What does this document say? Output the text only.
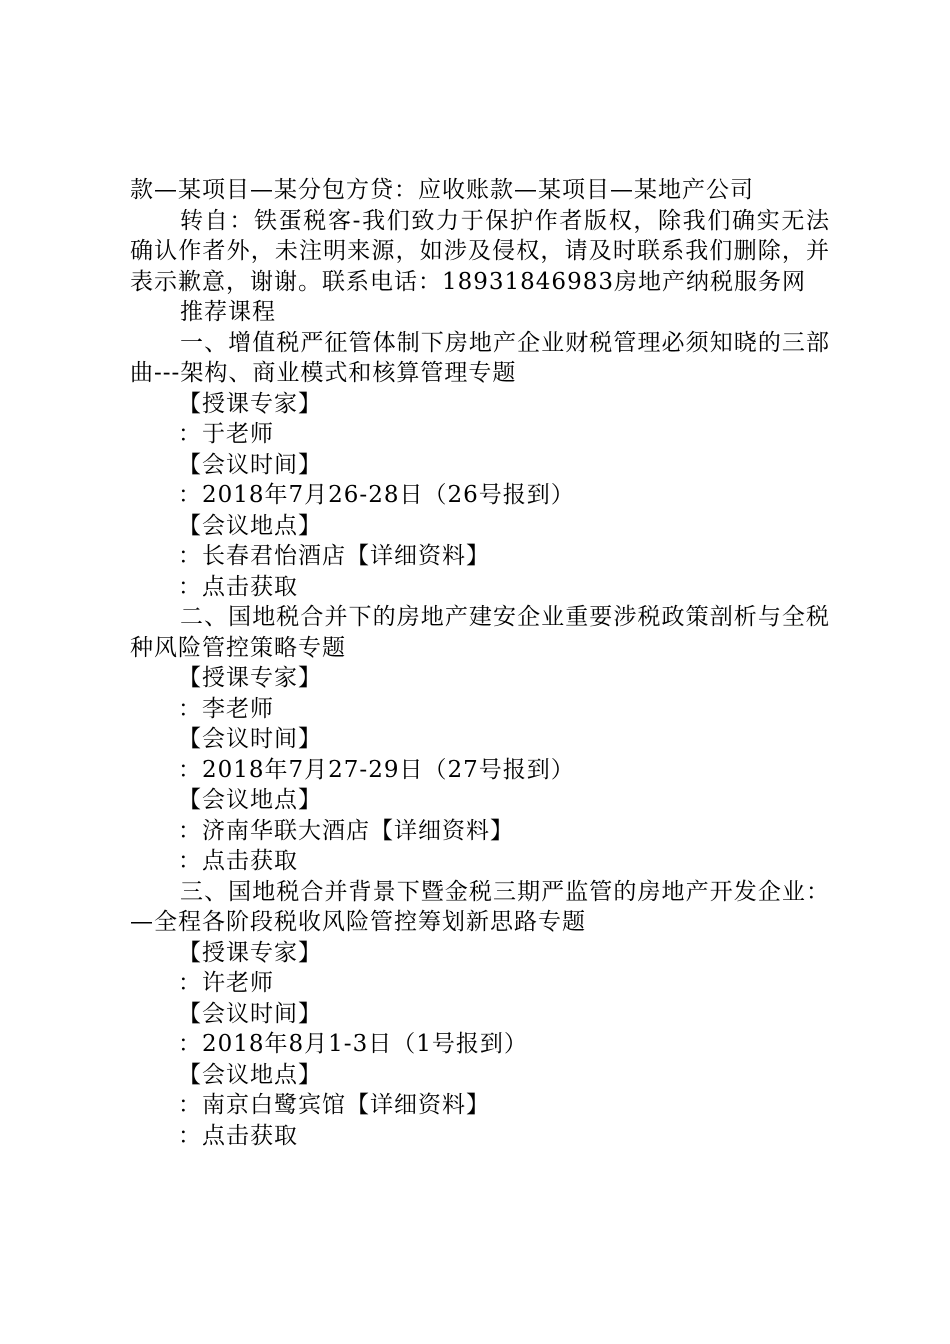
款—某项目—某分包方贷：应收账款—某项目—某地产公司

转自：铁蛋税客-我们致力于保护作者版权，除我们确实无法确认作者外，未注明来源，如涉及侵权，请及时联系我们删除，并表示歉意，谢谢。联系电话：18931846983房地产纳税服务网

推荐课程

一、增值税严征管体制下房地产企业财税管理必须知晓的三部曲---架构、商业模式和核算管理专题

【授课专家】

：于老师

【会议时间】

：2018年7月26-28日（26号报到）

【会议地点】

：长春君怡酒店【详细资料】

：点击获取

二、国地税合并下的房地产建安企业重要涉税政策剖析与全税种风险管控策略专题

【授课专家】

：李老师

【会议时间】

：2018年7月27-29日（27号报到）

【会议地点】

：济南华联大酒店【详细资料】

：点击获取

三、国地税合并背景下暨金税三期严监管的房地产开发企业：—全程各阶段税收风险管控筹划新思路专题

【授课专家】

：许老师

【会议时间】

：2018年8月1-3日（1号报到）

【会议地点】

：南京白鹭宾馆【详细资料】

：点击获取
